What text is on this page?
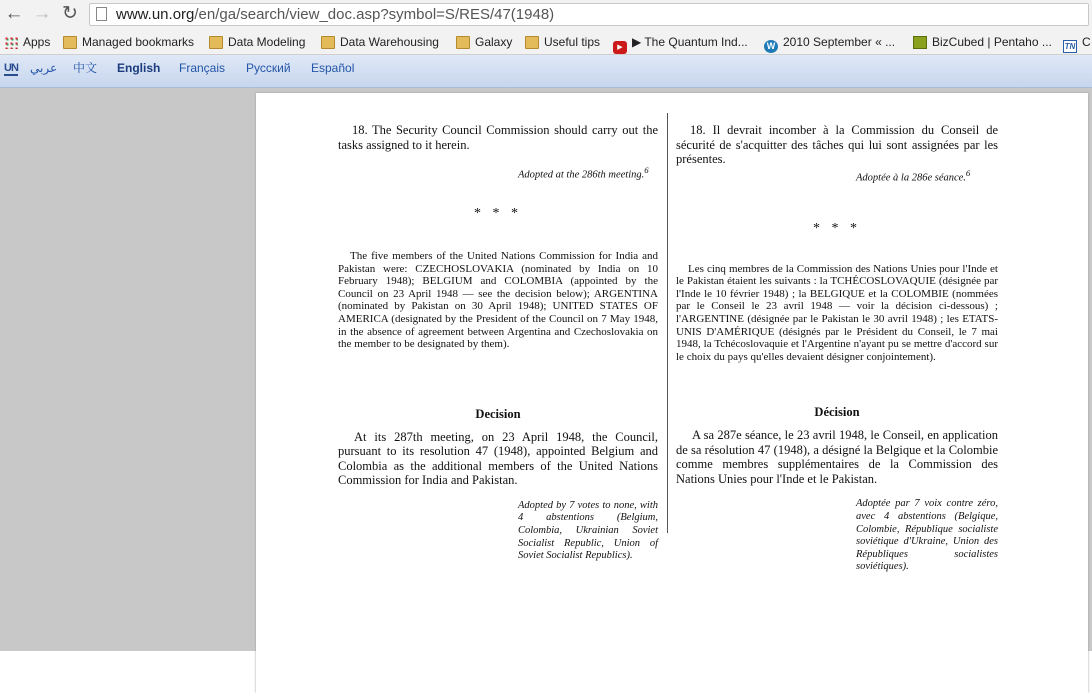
← → ↻	www.un.org/en/ga/search/view_doc.asp?symbol=S/RES/47(1948)
Apps	Managed bookmarks	Data Modeling	Data Warehousing	Galaxy	Useful tips	▶ ▶ The Quantum Ind...	W 2010 September « ...	BizCubed | Pentaho ... TN C
UN عربي 中文 English Français Русский Español

18. The Security Council Commission should carry out the tasks assigned to it herein.

Adopted at the 286th meeting.$^6$

* * *

The five members of the United Nations Commission for India and Pakistan were: CZECHOSLOVAKIA (nominated by India on 10 February 1948); BELGIUM and COLOMBIA (appointed by the Council on 23 April 1948 — see the decision below); ARGENTINA (nominated by Pakistan on 30 April 1948); UNITED STATES OF AMERICA (designated by the President of the Council on 7 May 1948, in the absence of agreement between Argentina and Czechoslovakia on the member to be designated by them).

Decision

At its 287th meeting, on 23 April 1948, the Council, pursuant to its resolution 47 (1948), appointed Belgium and Colombia as the additional members of the United Nations Commission for India and Pakistan.

Adopted by 7 votes to none, with 4 abstentions (Belgium, Colombia, Ukrainian Soviet Socialist Republic, Union of Soviet Socialist Republics).

18. Il devrait incomber à la Commission du Conseil de sécurité de s'acquitter des tâches qui lui sont assignées par les présentes.

Adoptée à la 286e séance.$^6$

* * *

Les cinq membres de la Commission des Nations Unies pour l'Inde et le Pakistan étaient les suivants : la TCHÉCOSLOVAQUIE (désignée par l'Inde le 10 février 1948) ; la BELGIQUE et la COLOMBIE (nommées par le Conseil le 23 avril 1948 — voir la décision ci-dessous) ; l'ARGENTINE (désignée par le Pakistan le 30 avril 1948) ; les ETATS-UNIS D'AMÉRIQUE (désignés par le Président du Conseil, le 7 mai 1948, la Tchécoslovaquie et l'Argentine n'ayant pu se mettre d'accord sur le choix du pays qu'elles devaient désigner conjointement).

Décision

A sa 287e séance, le 23 avril 1948, le Conseil, en application de sa résolution 47 (1948), a désigné la Belgique et la Colombie comme membres supplémentaires de la Commission des Nations Unies pour l'Inde et le Pakistan.

Adoptée par 7 voix contre zéro, avec 4 abstentions (Belgique, Colombie, République socialiste soviétique d'Ukraine, Union des Républiques socialistes soviétiques).
